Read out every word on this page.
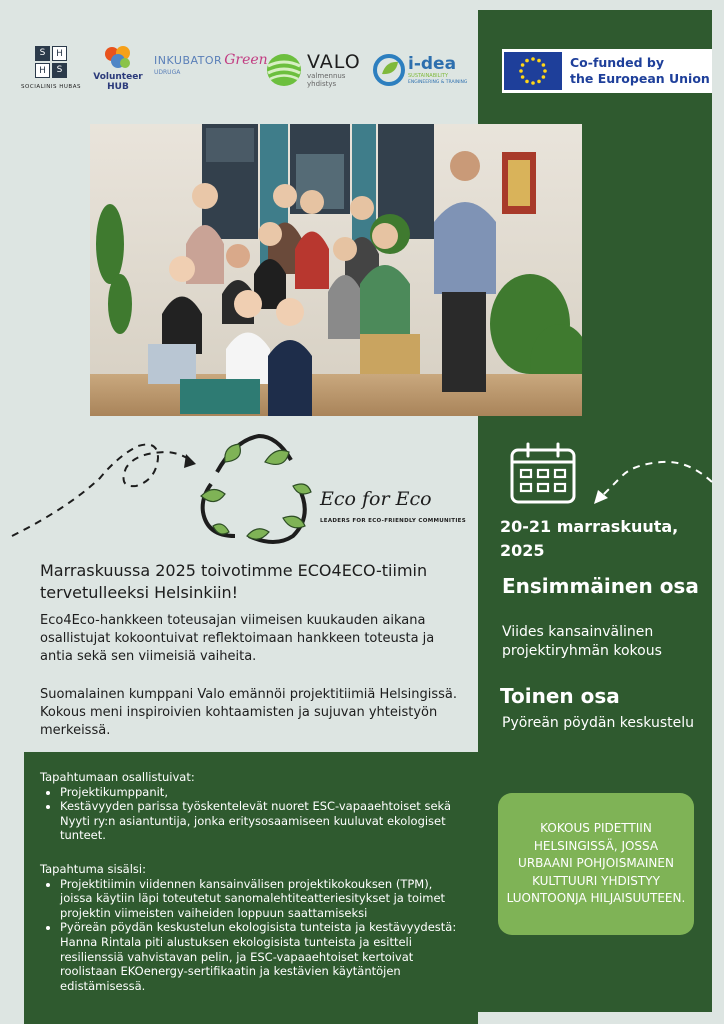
S	H
H	S
SOCIALINIS HUBAS
Volunteer
HUB
INKUBATOR Green
UDRUGA	VALO
valmennus
yhdistys
i-dea
SUSTAINABILITY
ENGINEERING & TRAINING
Co-funded by
the European Union
Eco for Eco
LEADERS FOR ECO-FRIENDLY COMMUNITIES
Marraskuussa 2025 toivotimme ECO4ECO-tiimin tervetulleeksi Helsinkiin!
Eco4Eco-hankkeen toteusajan viimeisen kuukauden aikana osallistujat kokoontuivat reflektoimaan hankkeen toteusta ja antia sekä sen viimeisiä vaiheita.
Suomalainen kumppani Valo emännöi projektitiimiä Helsingissä. Kokous meni inspiroivien kohtaamisten ja sujuvan yhteistyön merkeissä.
Tapahtumaan osallistuivat:
• Projektikumppanit,
• Kestävyyden parissa työskentelevät nuoret ESC-vapaaehtoiset sekä Nyyti ry:n asiantuntija, jonka eritysosaamiseen kuuluvat ekologiset tunteet.
Tapahtuma sisälsi:
• Projektitiimin viidennen kansainvälisen projektikokouksen (TPM), joissa käytiin läpi toteutetut sanomalehtiteatteriesitykset ja toimet projektin viimeisten vaiheiden loppuun saattamiseksi
• Pyöreän pöydän keskustelun ekologisista tunteista ja kestävyydestä: Hanna Rintala piti alustuksen ekologisista tunteista ja esitteli resilienssiä vahvistavan pelin, ja ESC-vapaaehtoiset kertoivat roolistaan EKOenergy-sertifikaatin ja kestävien käytäntöjen edistämisessä.
20-21 marraskuuta, 2025
Ensimmäinen osa
Viides kansainvälinen projektiryhmän kokous
Toinen osa
Pyöreän pöydän keskustelu
KOKOUS PIDETTIIN HELSINGISSÄ, JOSSA URBAANI POHJOISMAINEN KULTTUURI YHDISTYY LUONTOONJA HILJAISUUTEEN.
